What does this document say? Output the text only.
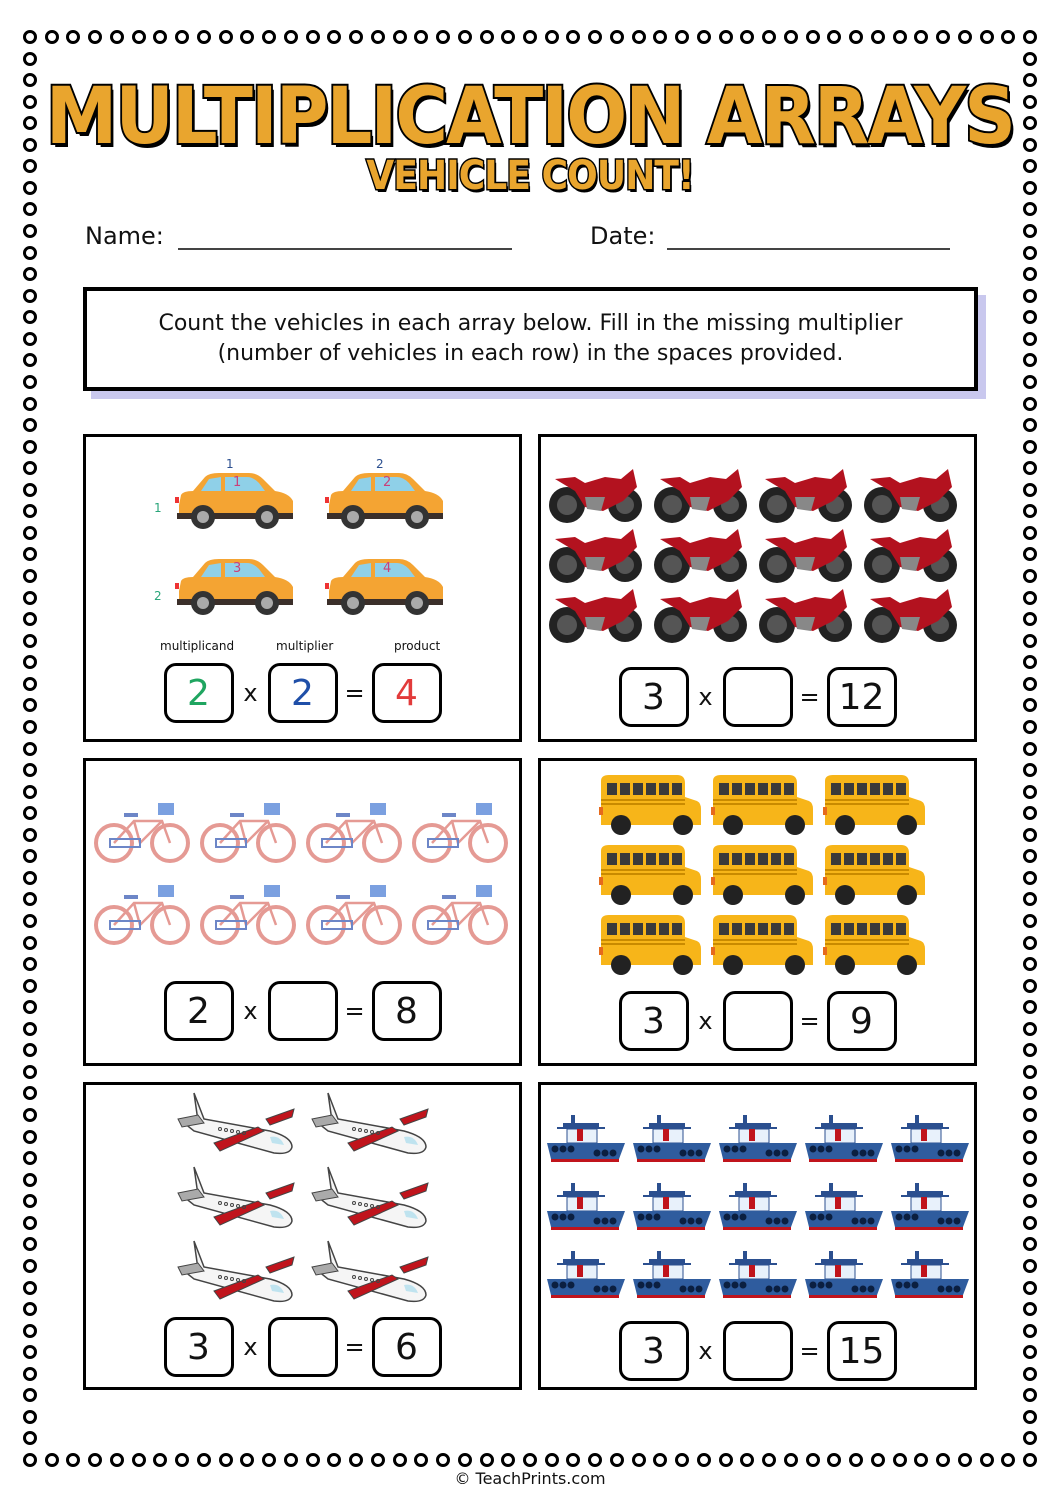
MULTIPLICATION ARRAYS
VEHICLE COUNT!
Name:	Date:
Count the vehicles in each array below. Fill in the missing multiplier
(number of vehicles in each row) in the spaces provided.
1	2
1
2
1	2
3	4
multiplicand	multiplier	product
2	x 2	= 4	3	x	= 12
2	x	= 8	3	x	= 9
3	x	= 6	3	x	= 15
© TeachPrints.com
